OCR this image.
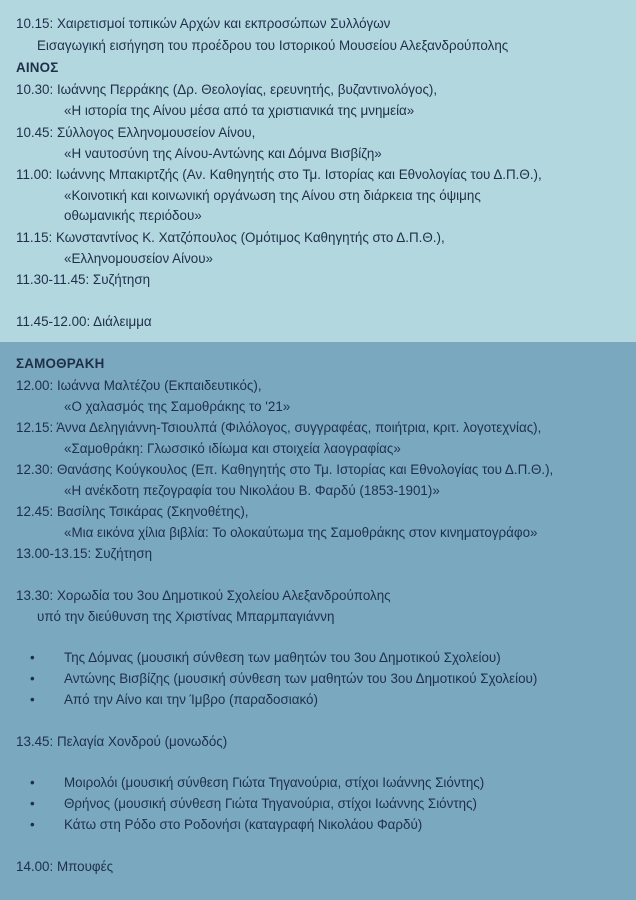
10.15: Χαιρετισμοί τοπικών Αρχών και εκπροσώπων Συλλόγων
Εισαγωγική εισήγηση του προέδρου του Ιστορικού Μουσείου Αλεξανδρούπολης
ΑΙΝΟΣ
10.30: Ιωάννης Περράκης (Δρ. Θεολογίας, ερευνητής, βυζαντινολόγος),
«Η ιστορία της Αίνου μέσα από τα χριστιανικά της μνημεία»
10.45: Σύλλογος Ελληνομουσείον Αίνου,
«Η ναυτοσύνη της Αίνου-Αντώνης και Δόμνα Βισβίζη»
11.00: Ιωάννης Μπακιρτζής (Αν. Καθηγητής στο Τμ. Ιστορίας και Εθνολογίας του Δ.Π.Θ.),
«Κοινοτική και κοινωνική οργάνωση της Αίνου στη διάρκεια της όψιμης
οθωμανικής περιόδου»
11.15: Κωνσταντίνος Κ. Χατζόπουλος (Ομότιμος Καθηγητής στο Δ.Π.Θ.),
«Ελληνομουσείον Αίνου»
11.30-11.45: Συζήτηση
11.45-12.00: Διάλειμμα
ΣΑΜΟΘΡΑΚΗ
12.00: Ιωάννα Μαλτέζου (Εκπαιδευτικός),
«Ο χαλασμός της Σαμοθράκης το '21»
12.15: Άννα Δεληγιάννη-Τσιουλπά (Φιλόλογος, συγγραφέας, ποιήτρια, κριτ. λογοτεχνίας),
«Σαμοθράκη: Γλωσσικό ιδίωμα και στοιχεία λαογραφίας»
12.30: Θανάσης Κούγκουλος (Επ. Καθηγητής στο Τμ. Ιστορίας και Εθνολογίας του Δ.Π.Θ.),
«Η ανέκδοτη πεζογραφία του Νικολάου Β. Φαρδύ (1853-1901)»
12.45: Βασίλης Τσικάρας (Σκηνοθέτης),
«Μια εικόνα χίλια βιβλία: Το ολοκαύτωμα της Σαμοθράκης στον κινηματογράφο»
13.00-13.15: Συζήτηση
13.30: Χορωδία του 3ου Δημοτικού Σχολείου Αλεξανδρούπολης
υπό την διεύθυνση της Χριστίνας Μπαρμπαγιάννη
• Της Δόμνας (μουσική σύνθεση των μαθητών του 3ου Δημοτικού Σχολείου)
• Αντώνης Βισβίζης (μουσική σύνθεση των μαθητών του 3ου Δημοτικού Σχολείου)
• Από την Αίνο και την Ίμβρο (παραδοσιακό)
13.45: Πελαγία Χονδρού (μονωδός)
• Μοιρολόι (μουσική σύνθεση Γιώτα Τηγανούρια, στίχοι Ιωάννης Σιόντης)
• Θρήνος (μουσική σύνθεση Γιώτα Τηγανούρια, στίχοι Ιωάννης Σιόντης)
• Κάτω στη Ρόδο στο Ροδονήσι (καταγραφή Νικολάου Φαρδύ)
14.00: Μπουφές
